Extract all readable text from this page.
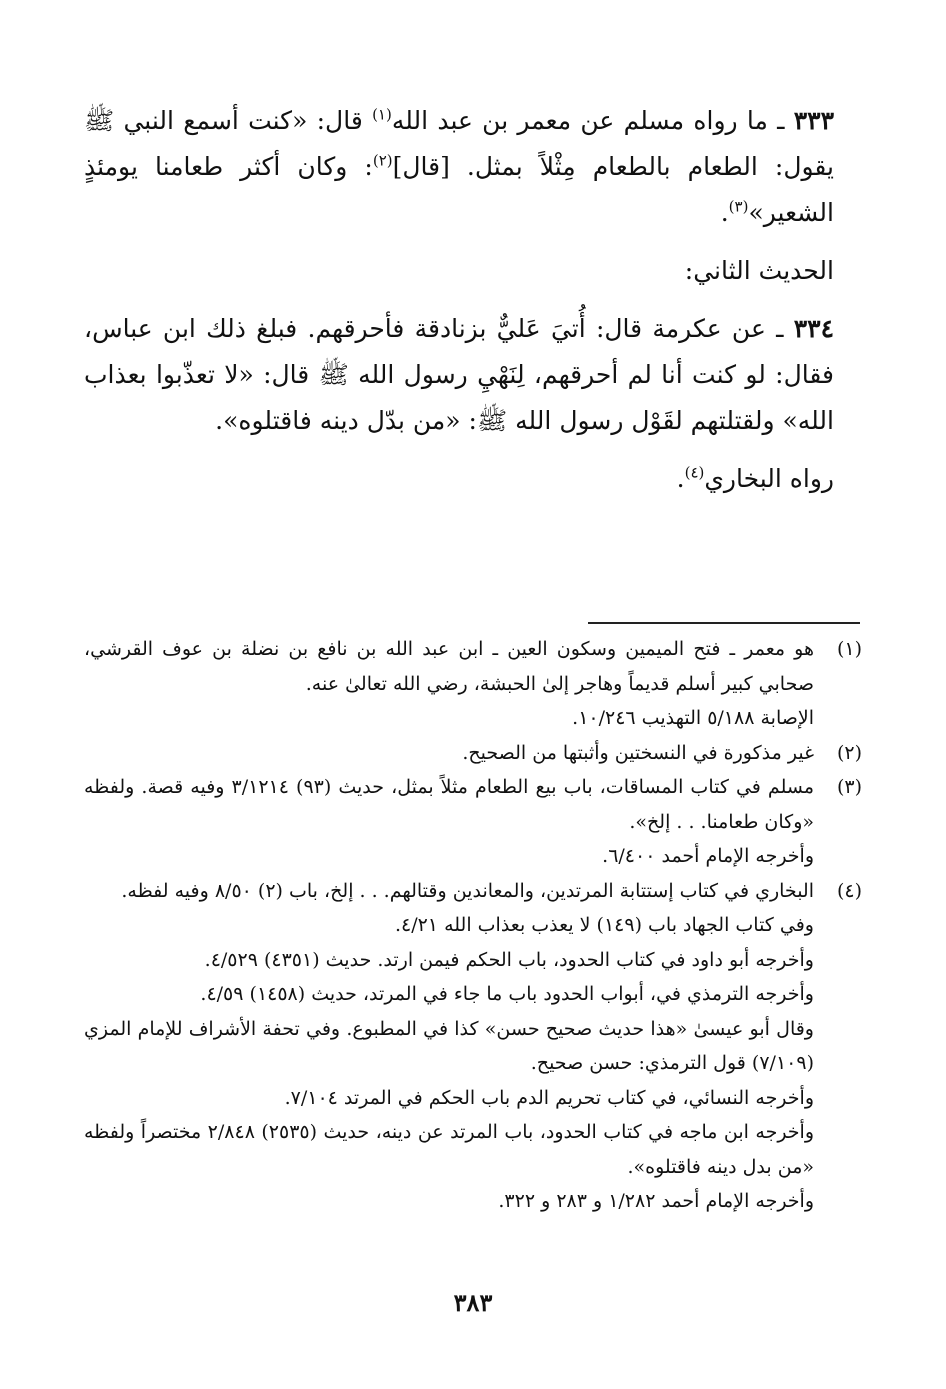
٣٣٣ ـ ما رواه مسلم عن معمر بن عبد الله$^{(١)}$ قال: «كنت أسمع النبي ﷺ يقول: الطعام بالطعام مِثْلاً بمثل. [قال]$^{(٢)}$: وكان أكثر طعامنا يومئذٍ الشعير»$^{(٣)}$.

الحديث الثاني:

٣٣٤ ـ عن عكرمة قال: أُتيَ عَليٌّ بزنادقة فأحرقهم. فبلغ ذلك ابن عباس، فقال: لو كنت أنا لم أحرقهم، لِنَهْيِ رسول الله ﷺ قال: «لا تعذّبوا بعذاب الله» ولقتلتهم لقَوْل رسول الله ﷺ: «من بدّل دينه فاقتلوه».

رواه البخاري$^{(٤)}$.

(١)
هو معمر ـ فتح الميمين وسكون العين ـ ابن عبد الله بن نافع بن نضلة بن عوف القرشي، صحابي كبير أسلم قديماً وهاجر إلىٰ الحبشة، رضي الله تعالىٰ عنه.
الإصابة ٥/١٨٨ التهذيب ١٠/٢٤٦.
(٢)
غير مذكورة في النسختين وأثبتها من الصحيح.
(٣)
مسلم في كتاب المساقات، باب بيع الطعام مثلاً بمثل، حديث (٩٣) ٣/١٢١٤ وفيه قصة. ولفظه «وكان طعامنا. . . إلخ».
وأخرجه الإمام أحمد ٦/٤٠٠.
(٤)
البخاري في كتاب إستتابة المرتدين، والمعاندين وقتالهم. . . إلخ، باب (٢) ٨/٥٠ وفيه لفظه.
وفي كتاب الجهاد باب (١٤٩) لا يعذب بعذاب الله ٤/٢١.
وأخرجه أبو داود في كتاب الحدود، باب الحكم فيمن ارتد. حديث (٤٣٥١) ٤/٥٢٩.
وأخرجه الترمذي في، أبواب الحدود باب ما جاء في المرتد، حديث (١٤٥٨) ٤/٥٩.
وقال أبو عيسىٰ «هذا حديث صحيح حسن» كذا في المطبوع. وفي تحفة الأشراف للإمام المزي (٧/١٠٩) قول الترمذي: حسن صحيح.
وأخرجه النسائي، في كتاب تحريم الدم باب الحكم في المرتد ٧/١٠٤.
وأخرجه ابن ماجه في كتاب الحدود، باب المرتد عن دينه، حديث (٢٥٣٥) ٢/٨٤٨ مختصراً ولفظه «من بدل دينه فاقتلوه».
وأخرجه الإمام أحمد ١/٢٨٢ و ٢٨٣ و ٣٢٢.
٣٨٣
